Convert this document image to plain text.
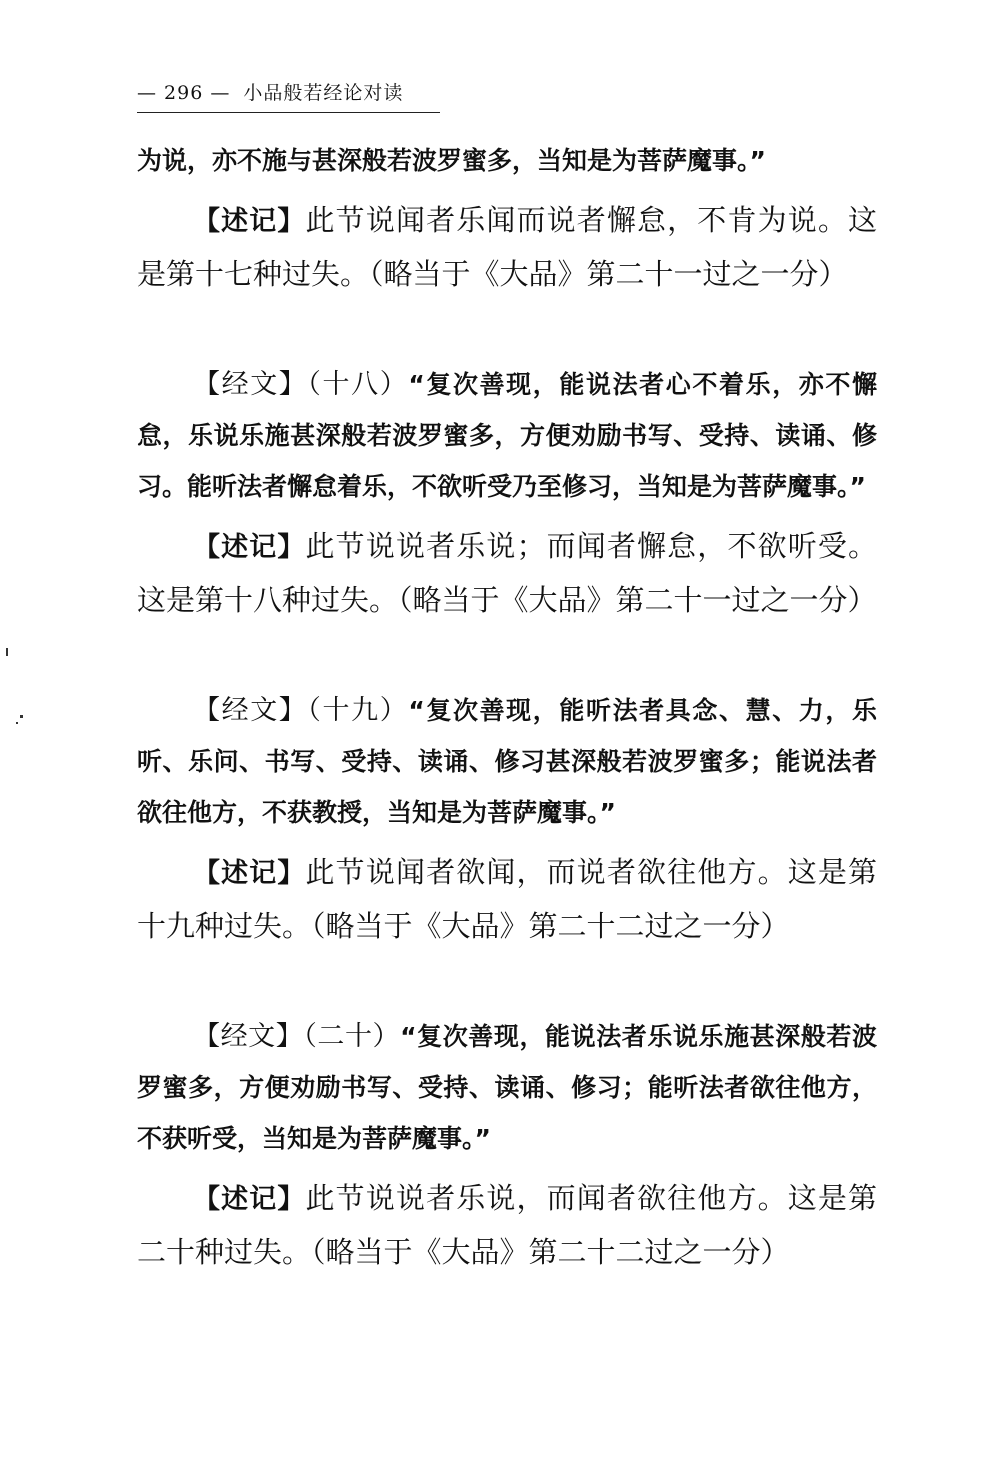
— 296 — 小品般若经论对读

为说，亦不施与甚深般若波罗蜜多，当知是为菩萨魔事。”

【述记】此节说闻者乐闻而说者懈怠，不肯为说。这是第十七种过失。（略当于《大品》第二十一过之一分）

【经文】（十八）“复次善现，能说法者心不着乐，亦不懈怠，乐说乐施甚深般若波罗蜜多，方便劝励书写、受持、读诵、修习。能听法者懈怠着乐，不欲听受乃至修习，当知是为菩萨魔事。”

【述记】此节说说者乐说；而闻者懈怠，不欲听受。这是第十八种过失。（略当于《大品》第二十一过之一分）

【经文】（十九）“复次善现，能听法者具念、慧、力，乐听、乐问、书写、受持、读诵、修习甚深般若波罗蜜多；能说法者欲往他方，不获教授，当知是为菩萨魔事。”

【述记】此节说闻者欲闻，而说者欲往他方。这是第十九种过失。（略当于《大品》第二十二过之一分）

【经文】（二十）“复次善现，能说法者乐说乐施甚深般若波罗蜜多，方便劝励书写、受持、读诵、修习；能听法者欲往他方，不获听受，当知是为菩萨魔事。”

【述记】此节说说者乐说，而闻者欲往他方。这是第二十种过失。（略当于《大品》第二十二过之一分）
